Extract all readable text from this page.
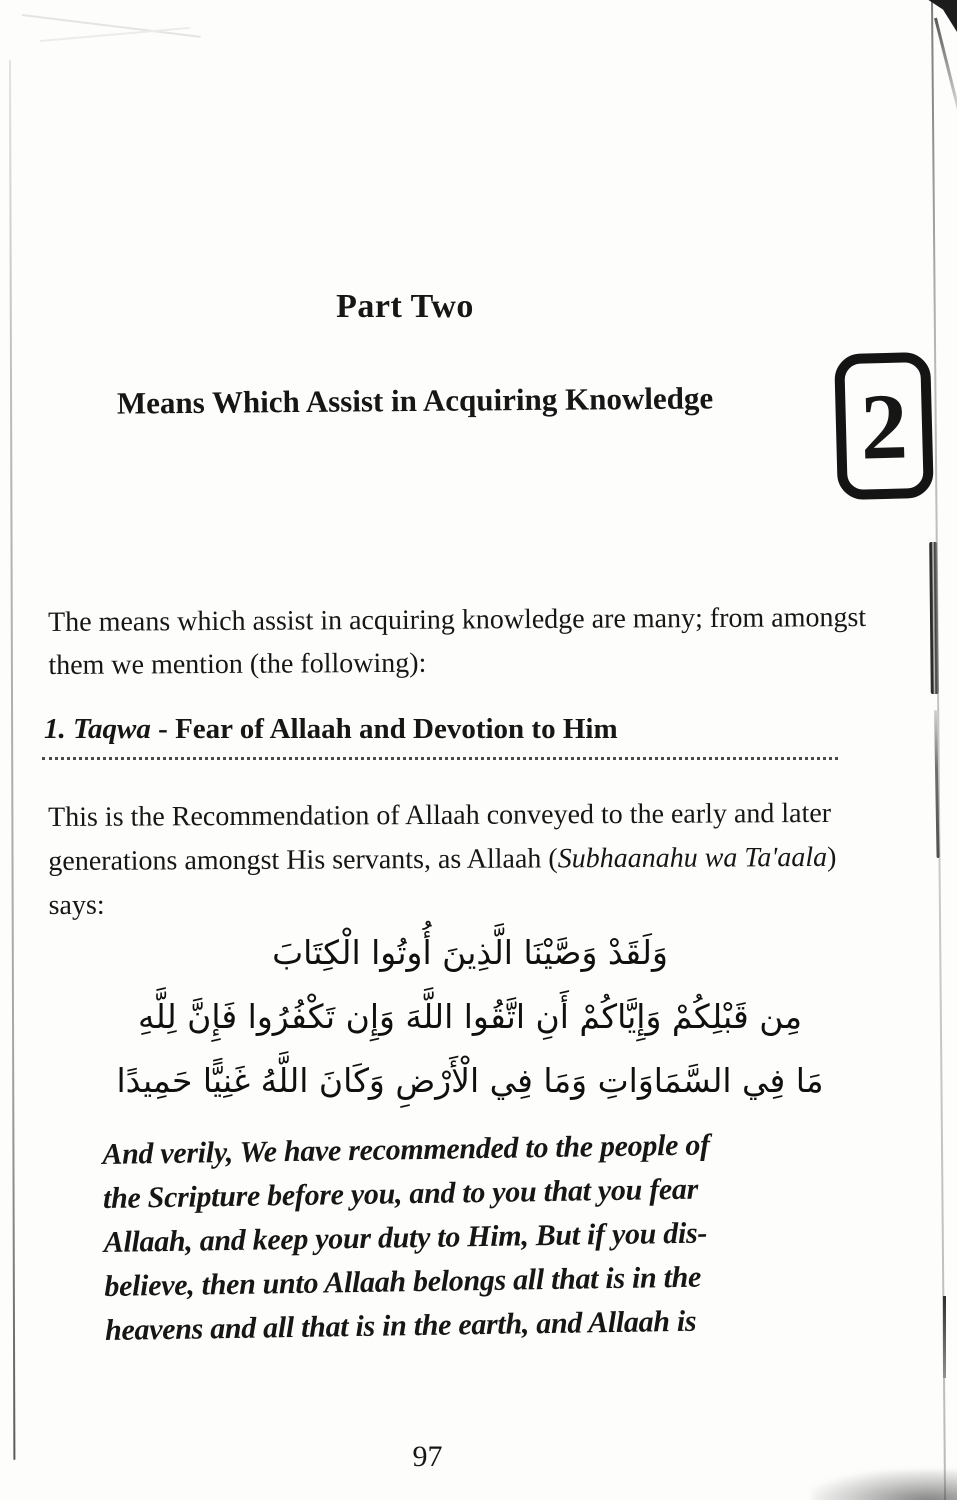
Part Two
Means Which Assist in Acquiring Knowledge	2
The means which assist in acquiring knowledge are many; from amongst
them we mention (the following):
1. Taqwa - Fear of Allaah and Devotion to Him
This is the Recommendation of Allaah conveyed to the early and later
generations amongst His servants, as Allaah (Subhaanahu wa Ta'aala)
says:
وَلَقَدْ وَصَّيْنَا الَّذِينَ أُوتُوا الْكِتَابَ
مِن قَبْلِكُمْ وَإِيَّاكُمْ أَنِ اتَّقُوا اللَّهَ وَإِن تَكْفُرُوا فَإِنَّ لِلَّهِ
مَا فِي السَّمَاوَاتِ وَمَا فِي الْأَرْضِ وَكَانَ اللَّهُ غَنِيًّا حَمِيدًا
And verily, We have recommended to the people of
the Scripture before you, and to you that you fear
Allaah, and keep your duty to Him, But if you dis-
believe, then unto Allaah belongs all that is in the
heavens and all that is in the earth, and Allaah is
97
